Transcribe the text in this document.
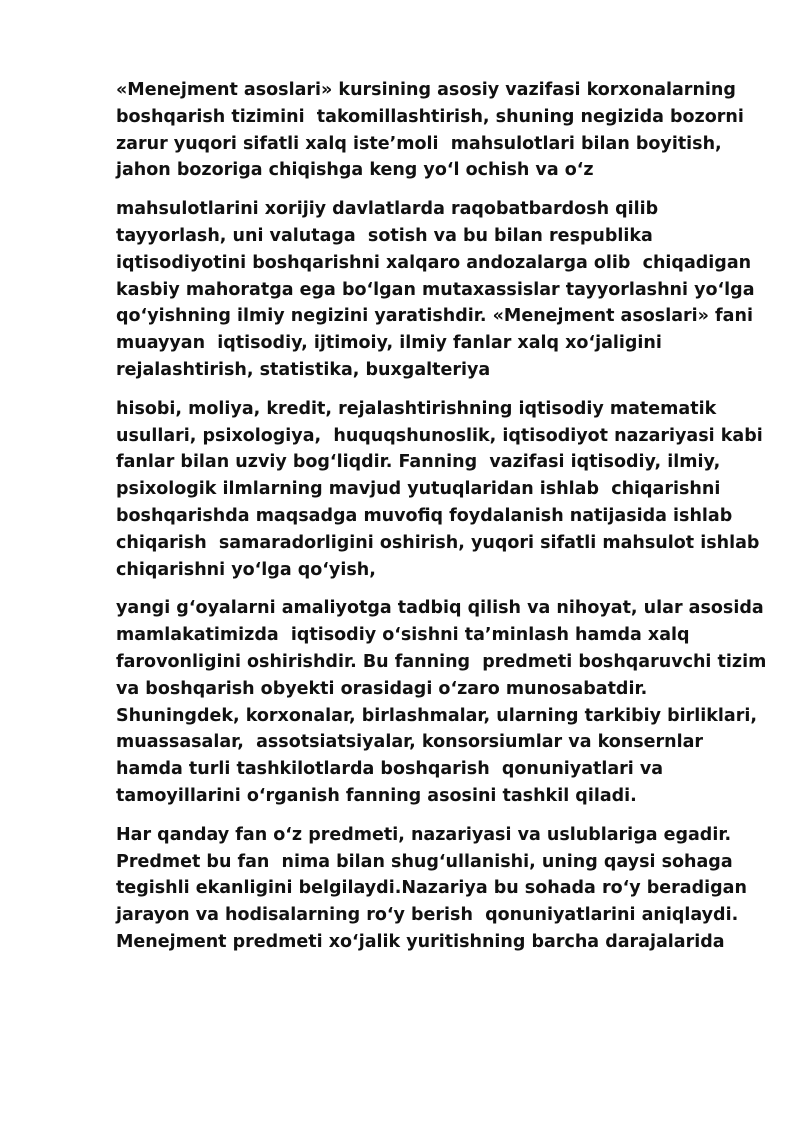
«Menejment asoslari» kursining asosiy vazifasi korxonalarning
boshqarish tizimini  takomillashtirish, shuning negizida bozorni
zarur yuqori sifatli xalq iste’moli  mahsulotlari bilan boyitish,
jahon bozoriga chiqishga keng yo‘l ochish va o‘z
mahsulotlarini xorijiy davlatlarda raqobatbardosh qilib
tayyorlash, uni valutaga  sotish va bu bilan respublika
iqtisodiyotini boshqarishni xalqaro andozalarga olib  chiqadigan
kasbiy mahoratga ega bo‘lgan mutaxassislar tayyorlashni yo‘lga
qo‘yishning ilmiy negizini yaratishdir. «Menejment asoslari» fani
muayyan  iqtisodiy, ijtimoiy, ilmiy fanlar xalq xo‘jaligini
rejalashtirish, statistika, buxgalteriya
hisobi, moliya, kredit, rejalashtirishning iqtisodiy matematik
usullari, psixologiya,  huquqshunoslik, iqtisodiyot nazariyasi kabi
fanlar bilan uzviy bog‘liqdir. Fanning  vazifasi iqtisodiy, ilmiy,
psixologik ilmlarning mavjud yutuqlaridan ishlab  chiqarishni
boshqarishda maqsadga muvofiq foydalanish natijasida ishlab
chiqarish  samaradorligini oshirish, yuqori sifatli mahsulot ishlab
chiqarishni yo‘lga qo‘yish,
yangi g‘oyalarni amaliyotga tadbiq qilish va nihoyat, ular asosida
mamlakatimizda  iqtisodiy o‘sishni ta’minlash hamda xalq
farovonligini oshirishdir. Bu fanning  predmeti boshqaruvchi tizim
va boshqarish obyekti orasidagi o‘zaro munosabatdir.
Shuningdek, korxonalar, birlashmalar, ularning tarkibiy birliklari,
muassasalar,  assotsiatsiyalar, konsorsiumlar va konsernlar
hamda turli tashkilotlarda boshqarish  qonuniyatlari va
tamoyillarini o‘rganish fanning asosini tashkil qiladi.
Har qanday fan o‘z predmeti, nazariyasi va uslublariga egadir.
Predmet bu fan  nima bilan shug‘ullanishi, uning qaysi sohaga
tegishli ekanligini belgilaydi.Nazariya bu sohada ro‘y beradigan
jarayon va hodisalarning ro‘y berish  qonuniyatlarini aniqlaydi.
Menejment predmeti xo‘jalik yuritishning barcha darajalarida
